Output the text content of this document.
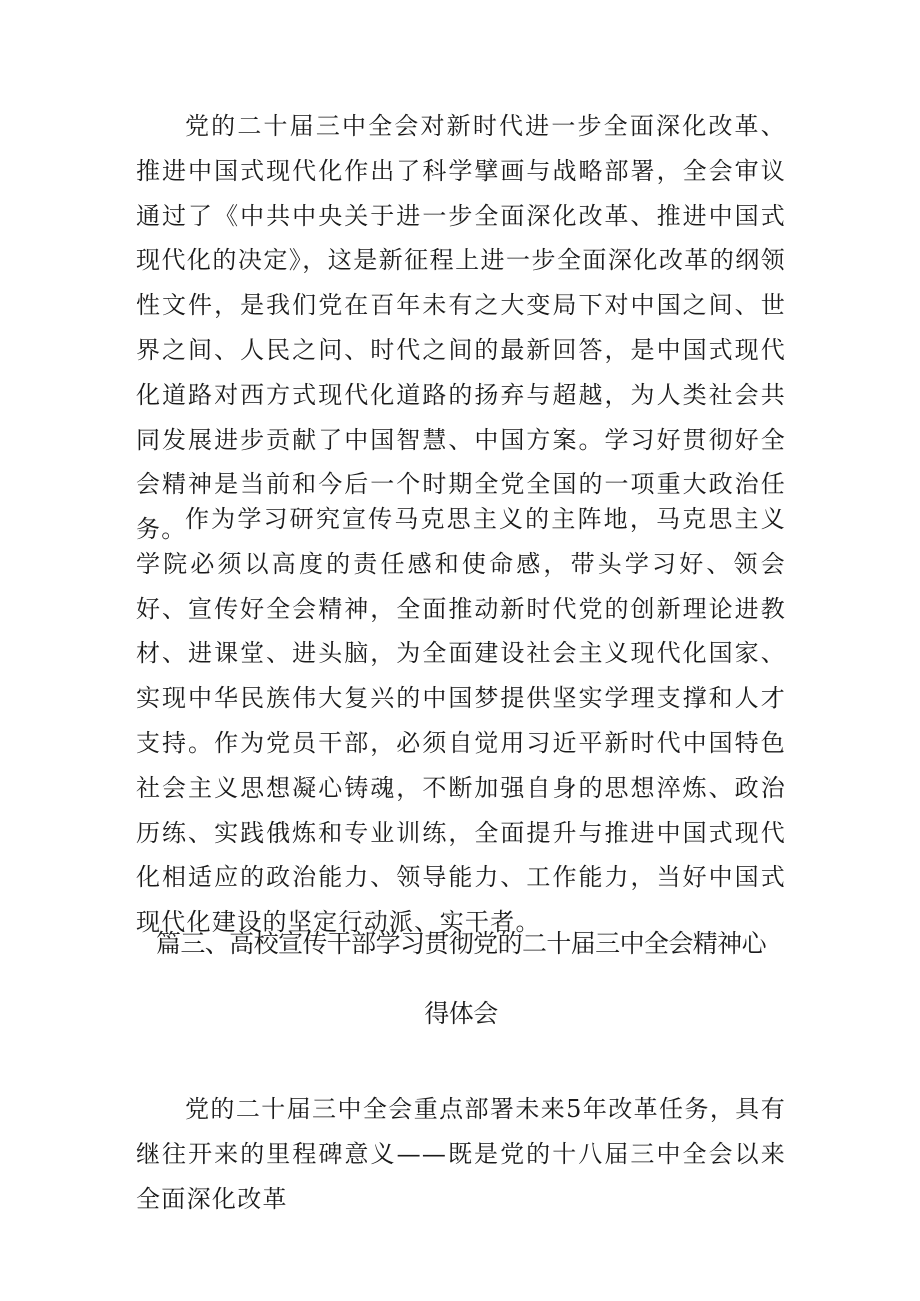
党的二十届三中全会对新时代进一步全面深化改革、推进中国式现代化作出了科学擘画与战略部署，全会审议通过了《中共中央关于进一步全面深化改革、推进中国式现代化的决定》，这是新征程上进一步全面深化改革的纲领性文件，是我们党在百年未有之大变局下对中国之间、世界之间、人民之问、时代之间的最新回答，是中国式现代化道路对西方式现代化道路的扬弃与超越，为人类社会共同发展进步贡献了中国智慧、中国方案。学习好贯彻好全会精神是当前和今后一个时期全党全国的一项重大政治任务。

作为学习研究宣传马克思主义的主阵地，马克思主义学院必须以高度的责任感和使命感，带头学习好、领会好、宣传好全会精神，全面推动新时代党的创新理论进教材、进课堂、进头脑，为全面建设社会主义现代化国家、实现中华民族伟大复兴的中国梦提供坚实学理支撑和人才支持。作为党员干部，必须自觉用习近平新时代中国特色社会主义思想凝心铸魂，不断加强自身的思想淬炼、政治历练、实践俄炼和专业训练，全面提升与推进中国式现代化相适应的政治能力、领导能力、工作能力，当好中国式现代化建设的坚定行动派、实干者。

篇三、高校宣传干部学习贯彻党的二十届三中全会精神心
得体会

党的二十届三中全会重点部署未来5年改革任务，具有继往开来的里程碑意义——既是党的十八届三中全会以来全面深化改革
